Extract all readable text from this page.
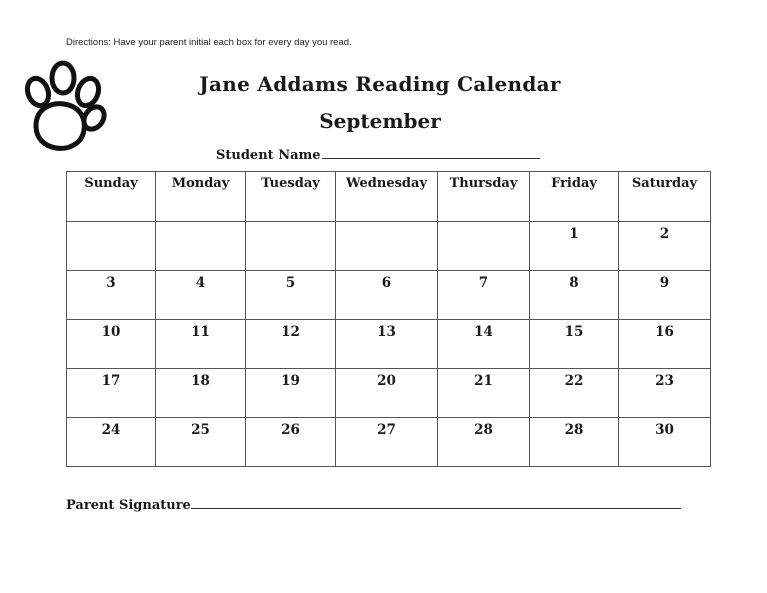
Directions: Have your parent initial each box for every day you read.
Jane Addams Reading Calendar
September
Student Name
Sunday	Monday	Tuesday	Wednesday	Thursday	Friday	Saturday
					1	2
3	4	5	6	7	8	9
10	11	12	13	14	15	16
17	18	19	20	21	22	23
24	25	26	27	28	28	30
Parent Signature
